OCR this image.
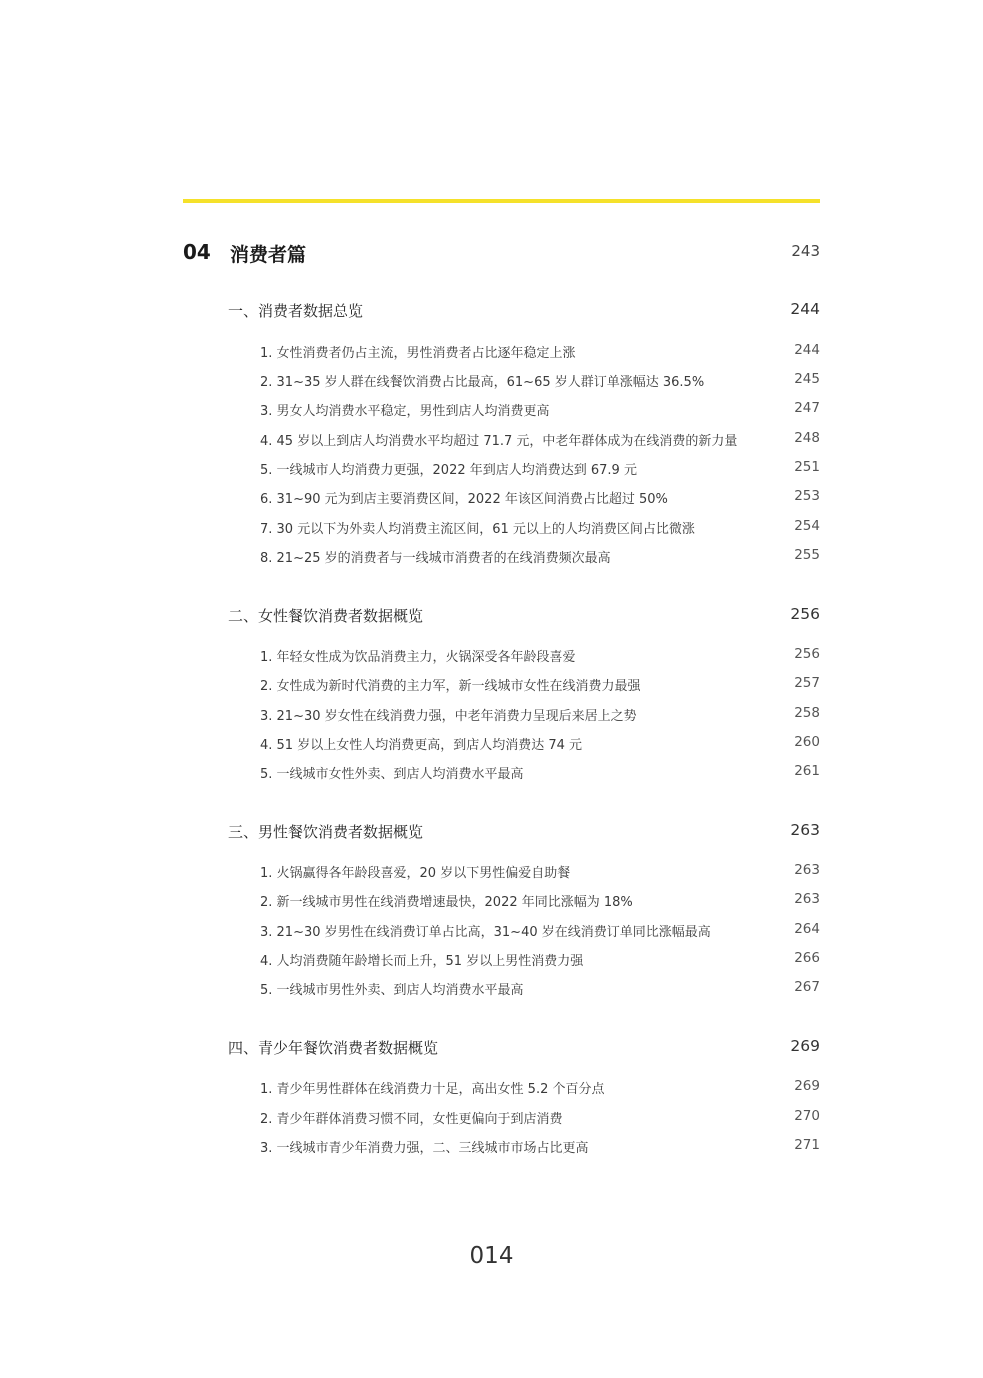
04 消费者篇	243
一、消费者数据总览	244
1. 女性消费者仍占主流，男性消费者占比逐年稳定上涨	244
2. 31~35 岁人群在线餐饮消费占比最高，61~65 岁人群订单涨幅达 36.5%	245
3. 男女人均消费水平稳定，男性到店人均消费更高	247
4. 45 岁以上到店人均消费水平均超过 71.7 元，中老年群体成为在线消费的新力量	248
5. 一线城市人均消费力更强，2022 年到店人均消费达到 67.9 元	251
6. 31~90 元为到店主要消费区间，2022 年该区间消费占比超过 50%	253
7. 30 元以下为外卖人均消费主流区间，61 元以上的人均消费区间占比微涨	254
8. 21~25 岁的消费者与一线城市消费者的在线消费频次最高	255
二、女性餐饮消费者数据概览	256
1. 年轻女性成为饮品消费主力，火锅深受各年龄段喜爱	256
2. 女性成为新时代消费的主力军，新一线城市女性在线消费力最强	257
3. 21~30 岁女性在线消费力强，中老年消费力呈现后来居上之势	258
4. 51 岁以上女性人均消费更高，到店人均消费达 74 元	260
5. 一线城市女性外卖、到店人均消费水平最高	261
三、男性餐饮消费者数据概览	263
1. 火锅赢得各年龄段喜爱，20 岁以下男性偏爱自助餐	263
2. 新一线城市男性在线消费增速最快，2022 年同比涨幅为 18%	263
3. 21~30 岁男性在线消费订单占比高，31~40 岁在线消费订单同比涨幅最高	264
4. 人均消费随年龄增长而上升，51 岁以上男性消费力强	266
5. 一线城市男性外卖、到店人均消费水平最高	267
四、青少年餐饮消费者数据概览	269
1. 青少年男性群体在线消费力十足，高出女性 5.2 个百分点	269
2. 青少年群体消费习惯不同，女性更偏向于到店消费	270
3. 一线城市青少年消费力强，二、三线城市市场占比更高	271
014
